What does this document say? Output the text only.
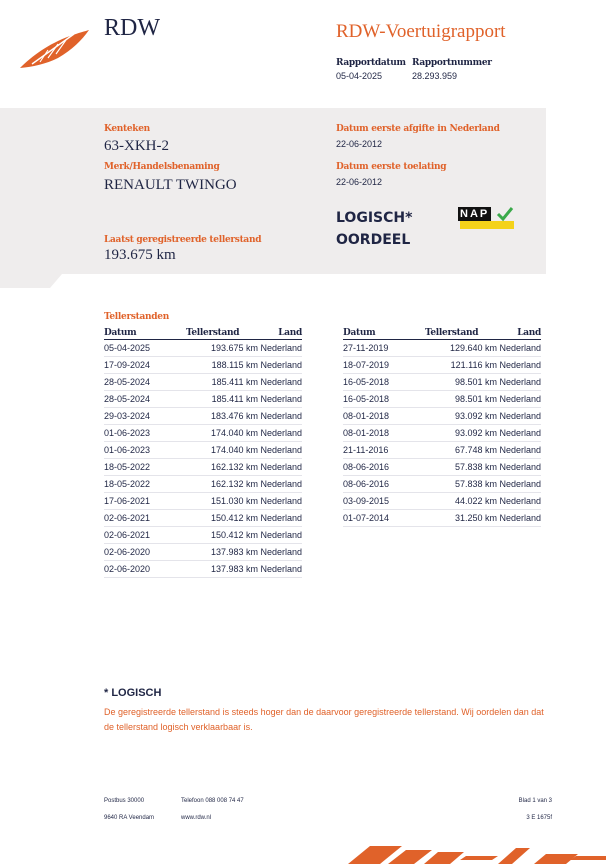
RDW	RDW-Voertuigrapport
Rapportdatum
05-04-2025
Rapportnummer
28.293.959
Kenteken
63-XKH-2
Merk/Handelsbenaming
RENAULT TWINGO
Laatst geregistreerde tellerstand
193.675 km
Datum eerste afgifte in Nederland
22-06-2012
Datum eerste toelating
22-06-2012
LOGISCH*
OORDEEL
NAP
Tellerstanden
Datum	Tellerstand	Land
05-04-2025	193.675 km	Nederland
17-09-2024	188.115 km	Nederland
28-05-2024	185.411 km	Nederland
28-05-2024	185.411 km	Nederland
29-03-2024	183.476 km	Nederland
01-06-2023	174.040 km	Nederland
01-06-2023	174.040 km	Nederland
18-05-2022	162.132 km	Nederland
18-05-2022	162.132 km	Nederland
17-06-2021	151.030 km	Nederland
02-06-2021	150.412 km	Nederland
02-06-2021	150.412 km	Nederland
02-06-2020	137.983 km	Nederland
02-06-2020	137.983 km	Nederland
Datum	Tellerstand	Land
27-11-2019	129.640 km	Nederland
18-07-2019	121.116 km	Nederland
16-05-2018	98.501 km	Nederland
16-05-2018	98.501 km	Nederland
08-01-2018	93.092 km	Nederland
08-01-2018	93.092 km	Nederland
21-11-2016	67.748 km	Nederland
08-06-2016	57.838 km	Nederland
08-06-2016	57.838 km	Nederland
03-09-2015	44.022 km	Nederland
01-07-2014	31.250 km	Nederland
* LOGISCH
De geregistreerde tellerstand is steeds hoger dan de daarvoor geregistreerde tellerstand. Wij oordelen dan dat de tellerstand logisch verklaarbaar is.
Postbus 30000
9640 RA Veendam
Telefoon 088 008 74 47
www.rdw.nl
Blad 1 van 3
3 E 1675f
